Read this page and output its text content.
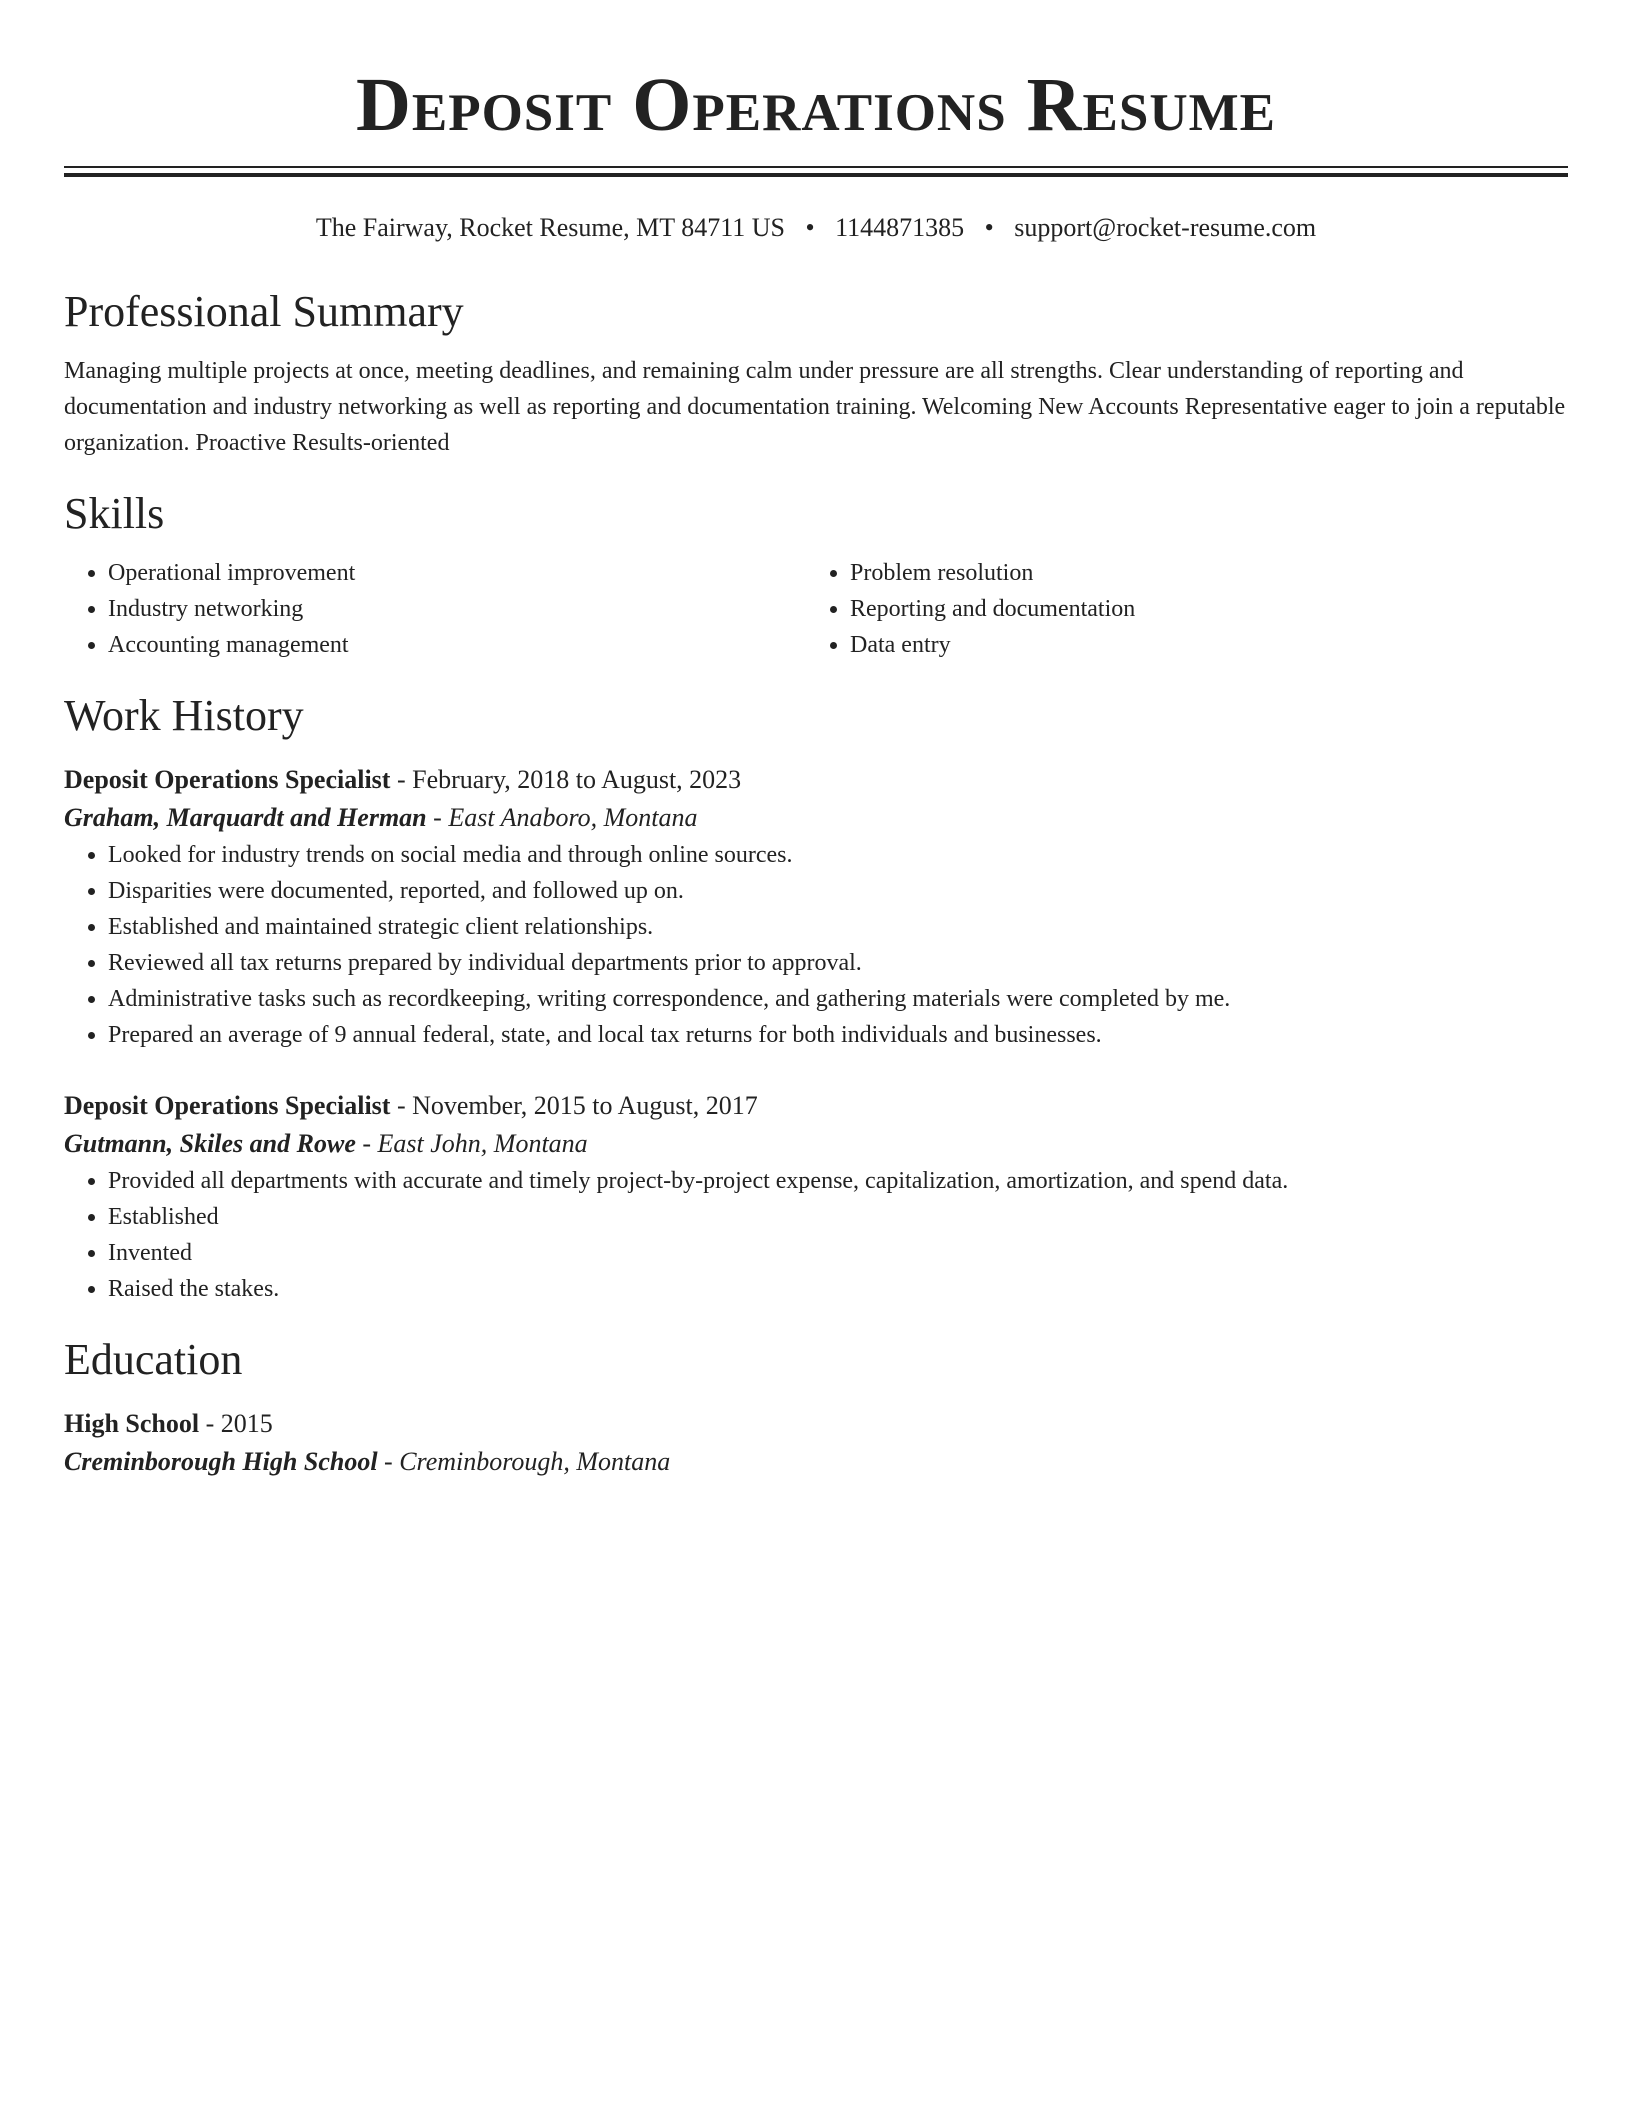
Deposit Operations Resume
The Fairway, Rocket Resume, MT 84711 US • 1144871385 • support@rocket-resume.com
Professional Summary

Managing multiple projects at once, meeting deadlines, and remaining calm under pressure are all strengths. Clear understanding of reporting and documentation and industry networking as well as reporting and documentation training. Welcoming New Accounts Representative eager to join a reputable organization. Proactive Results-oriented

Skills
• Operational improvement
• Industry networking
• Accounting management
• Problem resolution
• Reporting and documentation
• Data entry
Work History
Deposit Operations Specialist - February, 2018 to August, 2023
Graham, Marquardt and Herman - East Anaboro, Montana
• Looked for industry trends on social media and through online sources.
• Disparities were documented, reported, and followed up on.
• Established and maintained strategic client relationships.
• Reviewed all tax returns prepared by individual departments prior to approval.
• Administrative tasks such as recordkeeping, writing correspondence, and gathering materials were completed by me.
• Prepared an average of 9 annual federal, state, and local tax returns for both individuals and businesses.
Deposit Operations Specialist - November, 2015 to August, 2017
Gutmann, Skiles and Rowe - East John, Montana
• Provided all departments with accurate and timely project-by-project expense, capitalization, amortization, and spend data.
• Established
• Invented
• Raised the stakes.
Education
High School - 2015
Creminborough High School - Creminborough, Montana
